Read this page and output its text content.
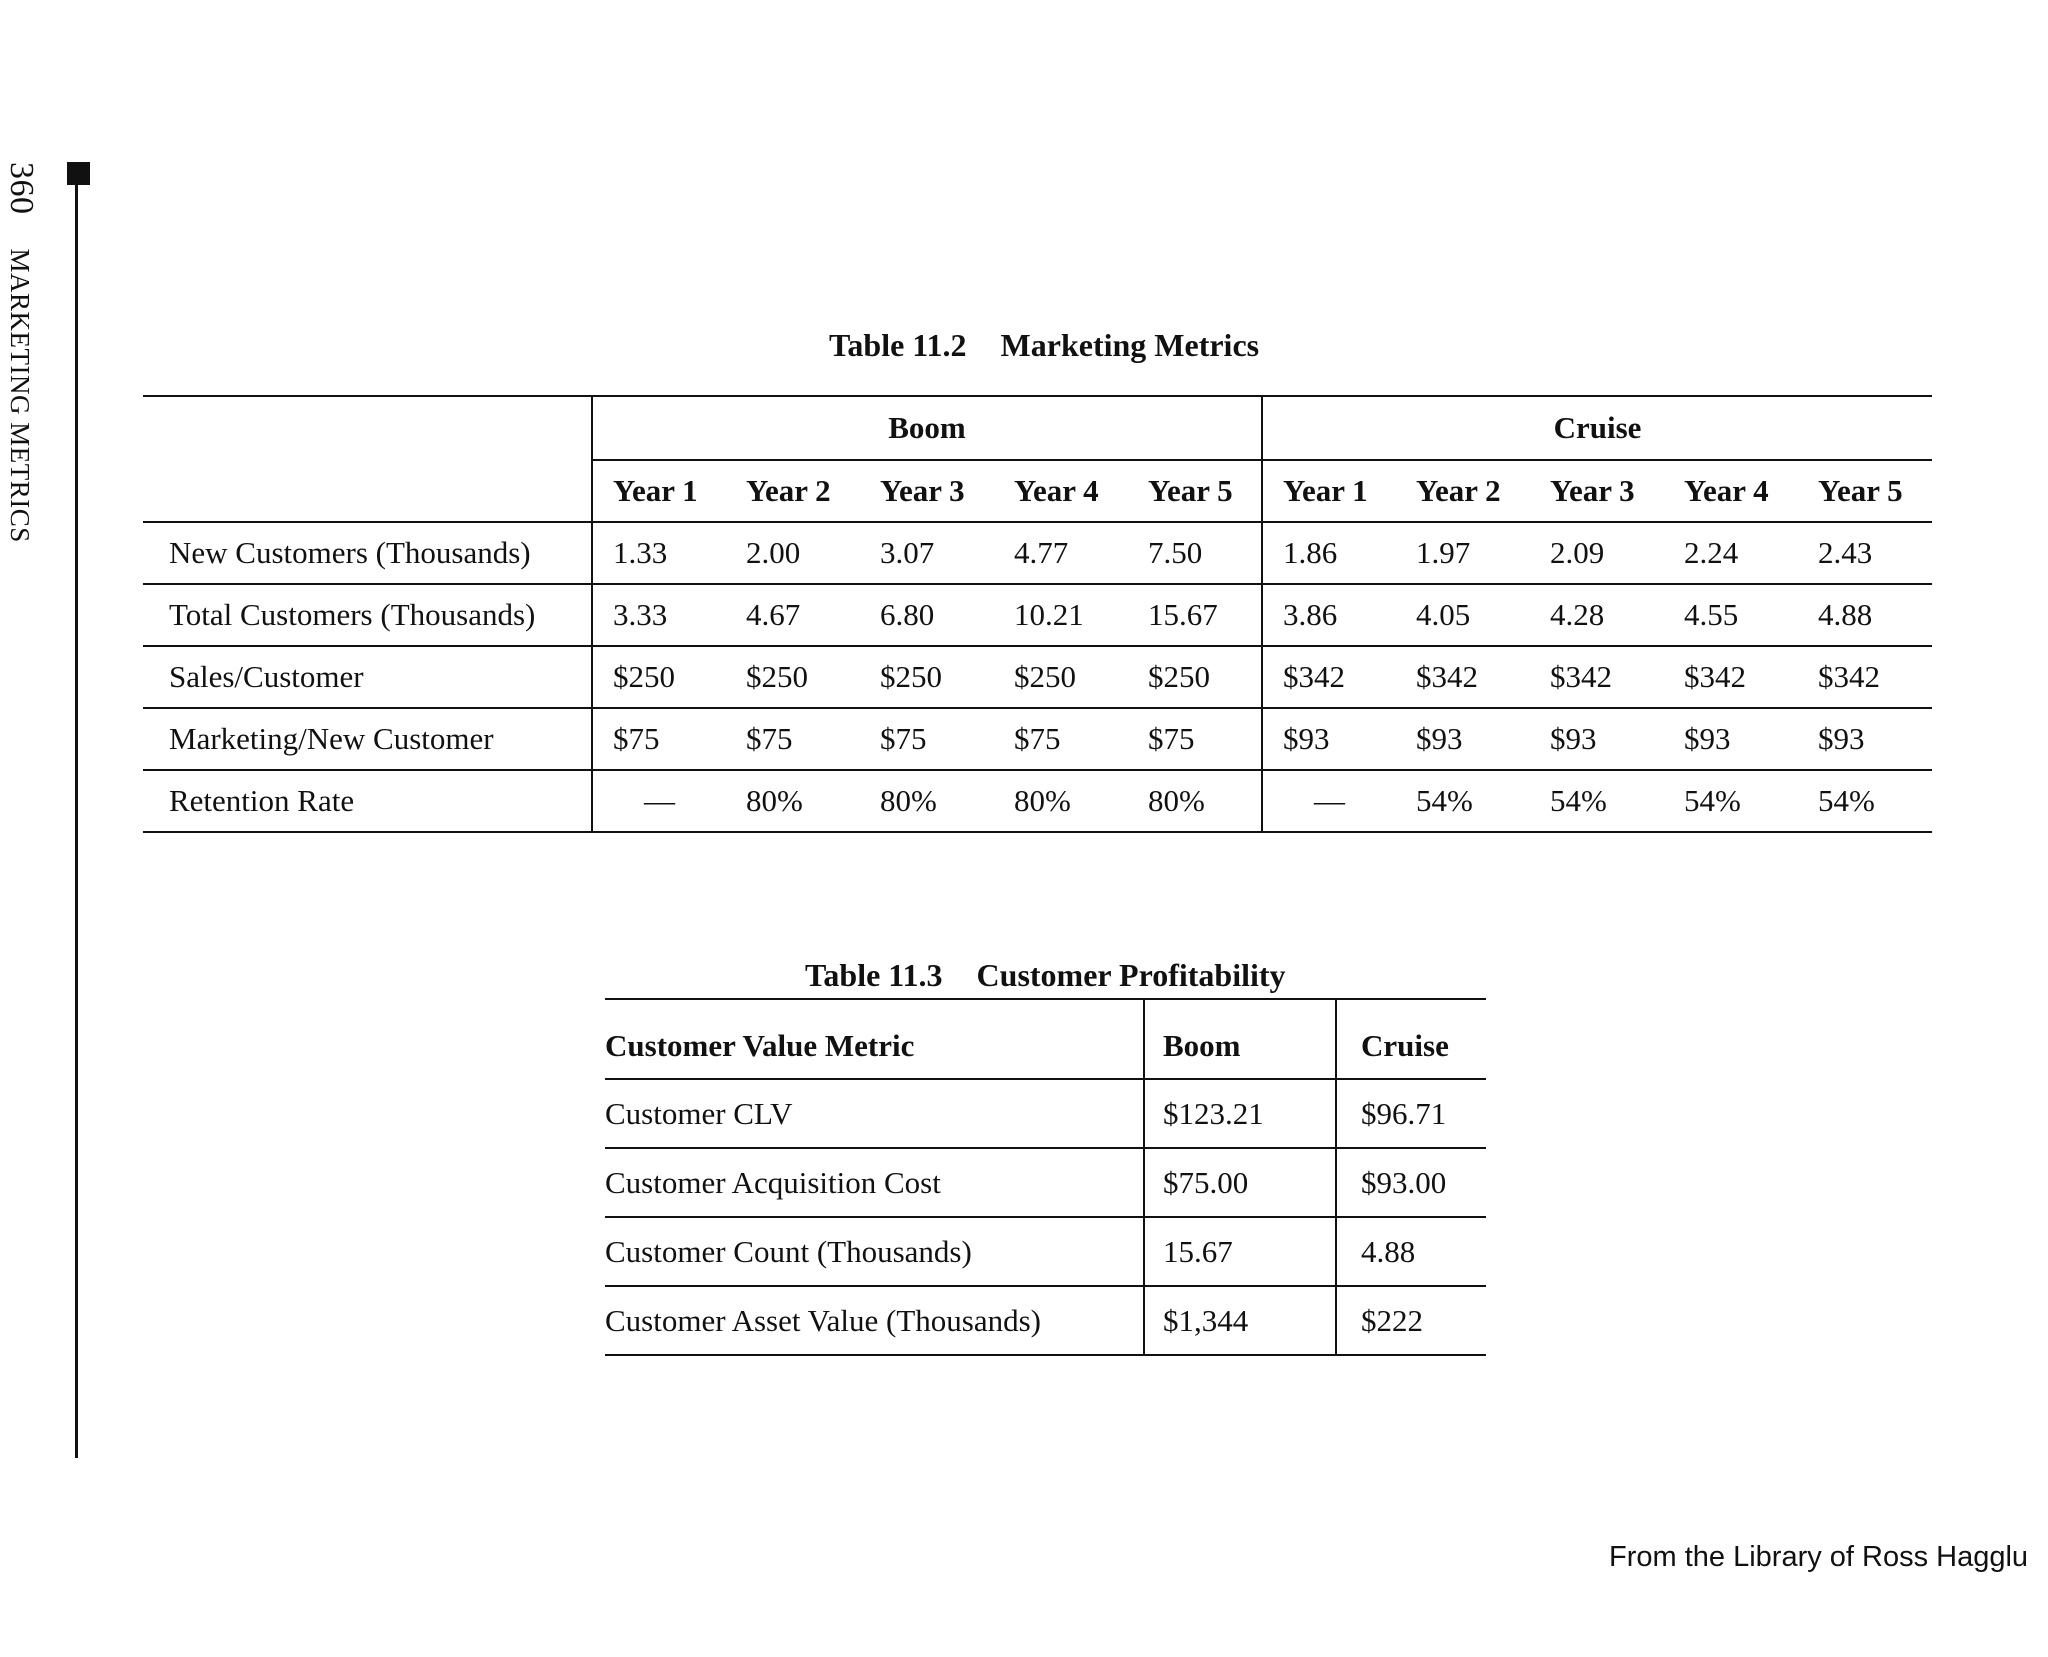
360MARKETING METRICS	Table 11.2 Marketing Metrics
	Boom					Cruise				
	Year 1	Year 2	Year 3	Year 4	Year 5	Year 1	Year 2	Year 3	Year 4	Year 5
New Customers (Thousands)	1.33	2.00	3.07	4.77	7.50	1.86	1.97	2.09	2.24	2.43
Total Customers (Thousands)	3.33	4.67	6.80	10.21	15.67	3.86	4.05	4.28	4.55	4.88
Sales/Customer	$250	$250	$250	$250	$250	$342	$342	$342	$342	$342
Marketing/New Customer	$75	$75	$75	$75	$75	$93	$93	$93	$93	$93
Retention Rate	—	80%	80%	80%	80%	—	54%	54%	54%	54%
Table 11.3 Customer Profitability
Customer Value Metric	Boom	Cruise
Customer CLV	$123.21	$96.71
Customer Acquisition Cost	$75.00	$93.00
Customer Count (Thousands)	15.67	4.88
Customer Asset Value (Thousands)	$1,344	$222
From the Library of Ross Hagglu
